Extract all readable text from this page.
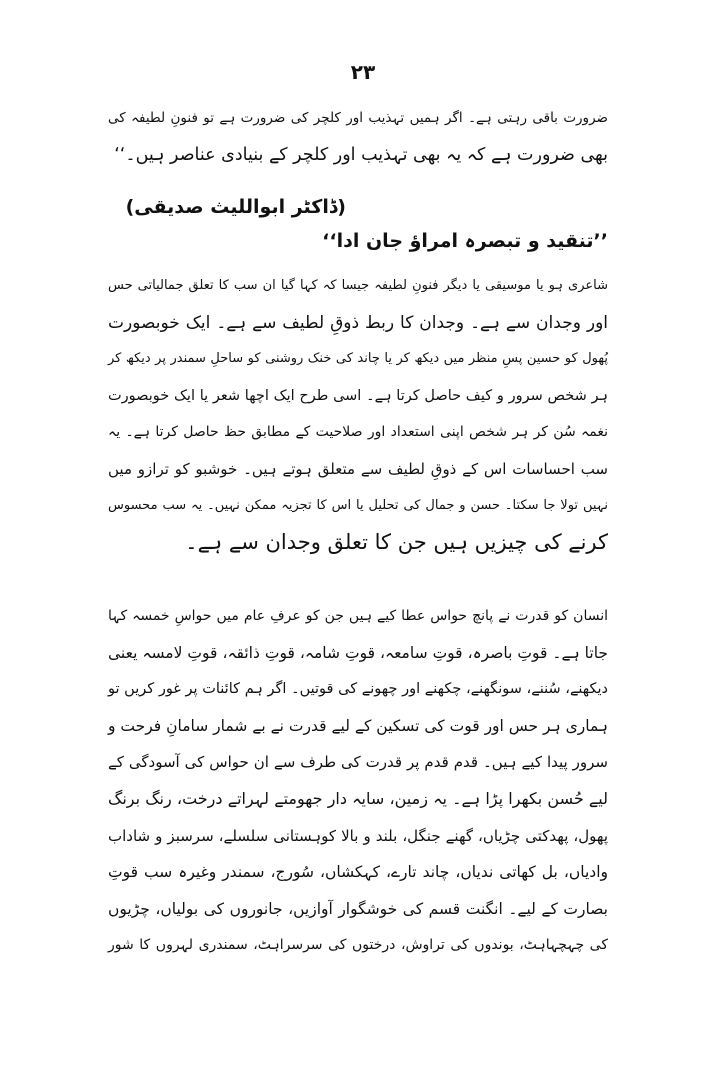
۲۳
ضرورت باقی رہتی ہے۔ اگر ہمیں تہذیب اور کلچر کی ضرورت ہے تو فنونِ لطیفہ کی
بھی ضرورت ہے کہ یہ بھی تہذیب اور کلچر کے بنیادی عناصر ہیں۔‘‘
(ڈاکٹر ابواللیث صدیقی)
’’تنقید و تبصرہ امراؤ جان ادا‘‘
شاعری ہو یا موسیقی یا دیگر فنونِ لطیفہ جیسا کہ کہا گیا ان سب کا تعلق جمالیاتی حس
اور وجدان سے ہے۔ وجدان کا ربط ذوقِ لطیف سے ہے۔ ایک خوبصورت
پُھول کو حسین پسِ منظر میں دیکھ کر یا چاند کی خنک روشنی کو ساحلِ سمندر پر دیکھ کر
ہر شخص سرور و کیف حاصل کرتا ہے۔ اسی طرح ایک اچھا شعر یا ایک خوبصورت
نغمہ سُن کر ہر شخص اپنی استعداد اور صلاحیت کے مطابق حظ حاصل کرتا ہے۔ یہ
سب احساسات اس کے ذوقِ لطیف سے متعلق ہوتے ہیں۔ خوشبو کو ترازو میں
نہیں تولا جا سکتا۔ حسن و جمال کی تحلیل یا اس کا تجزیہ ممکن نہیں۔ یہ سب محسوس
کرنے کی چیزیں ہیں جن کا تعلق وجدان سے ہے۔
انسان کو قدرت نے پانچ حواس عطا کیے ہیں جن کو عرفِ عام میں حواسِ خمسہ کہا
جاتا ہے۔ قوتِ باصرہ، قوتِ سامعہ، قوتِ شامہ، قوتِ ذائقہ، قوتِ لامسہ یعنی
دیکھنے، سُننے، سونگھنے، چکھنے اور چھونے کی قوتیں۔ اگر ہم کائنات پر غور کریں تو
ہماری ہر حس اور قوت کی تسکین کے لیے قدرت نے بے شمار سامانِ فرحت و
سرور پیدا کیے ہیں۔ قدم قدم پر قدرت کی طرف سے ان حواس کی آسودگی کے
لیے حُسن بکھرا پڑا ہے۔ یہ زمین، سایہ دار جھومتے لہراتے درخت، رنگ برنگ
پھول، پھدکتی چڑیاں، گھنے جنگل، بلند و بالا کوہستانی سلسلے، سرسبز و شاداب
وادیاں، بل کھاتی ندیاں، چاند تارے، کہکشاں، سُورج، سمندر وغیرہ سب قوتِ
بصارت کے لیے۔ انگنت قسم کی خوشگوار آوازیں، جانوروں کی بولیاں، چڑیوں
کی چہچہاہٹ، بوندوں کی تراوش، درختوں کی سرسراہٹ، سمندری لہروں کا شور
